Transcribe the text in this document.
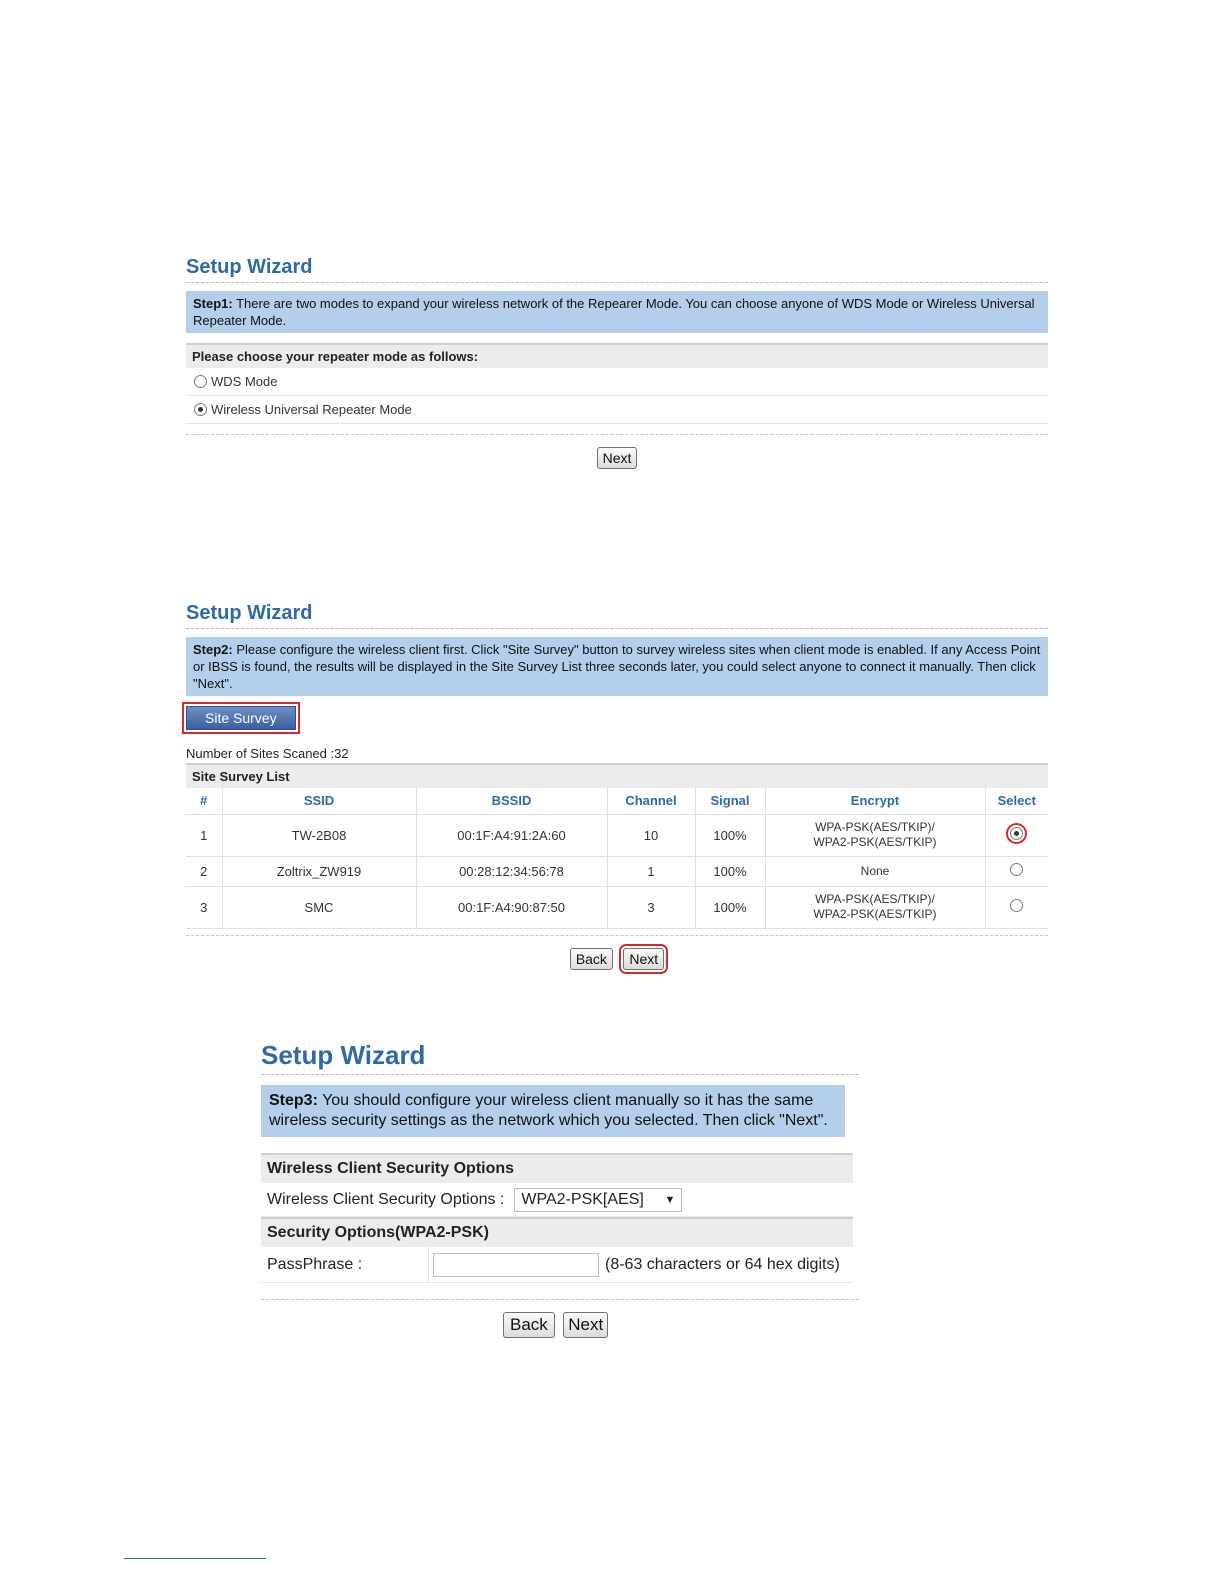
Setup Wizard
Step1: There are two modes to expand your wireless network of the Repearer Mode. You can choose anyone of WDS Mode or Wireless Universal Repeater Mode.
Please choose your repeater mode as follows:
WDS Mode
Wireless Universal Repeater Mode
Next
Setup Wizard
Step2: Please configure the wireless client first. Click "Site Survey" button to survey wireless sites when client mode is enabled. If any Access Point or IBSS is found, the results will be displayed in the Site Survey List three seconds later, you could select anyone to connect it manually. Then click "Next".
Site Survey
Number of Sites Scaned :32
Site Survey List
#	SSID	BSSID	Channel	Signal	Encrypt	Select
1	TW-2B08	00:1F:A4:91:2A:60	10	100%	WPA-PSK(AES/TKIP)/
WPA2-PSK(AES/TKIP)	

2	Zoltrix_ZW919	00:28:12:34:56:78	1	100%	None	
3	SMC	00:1F:A4:90:87:50	3	100%	WPA-PSK(AES/TKIP)/
WPA2-PSK(AES/TKIP)	

Back Next
Setup Wizard
Step3: You should configure your wireless client manually so it has the same wireless security settings as the network which you selected. Then click "Next".
Wireless Client Security Options
Wireless Client Security Options : WPA2-PSK[AES] ▼
Security Options(WPA2-PSK)
PassPhrase :	(8-63 characters or 64 hex digits)
Back Next
